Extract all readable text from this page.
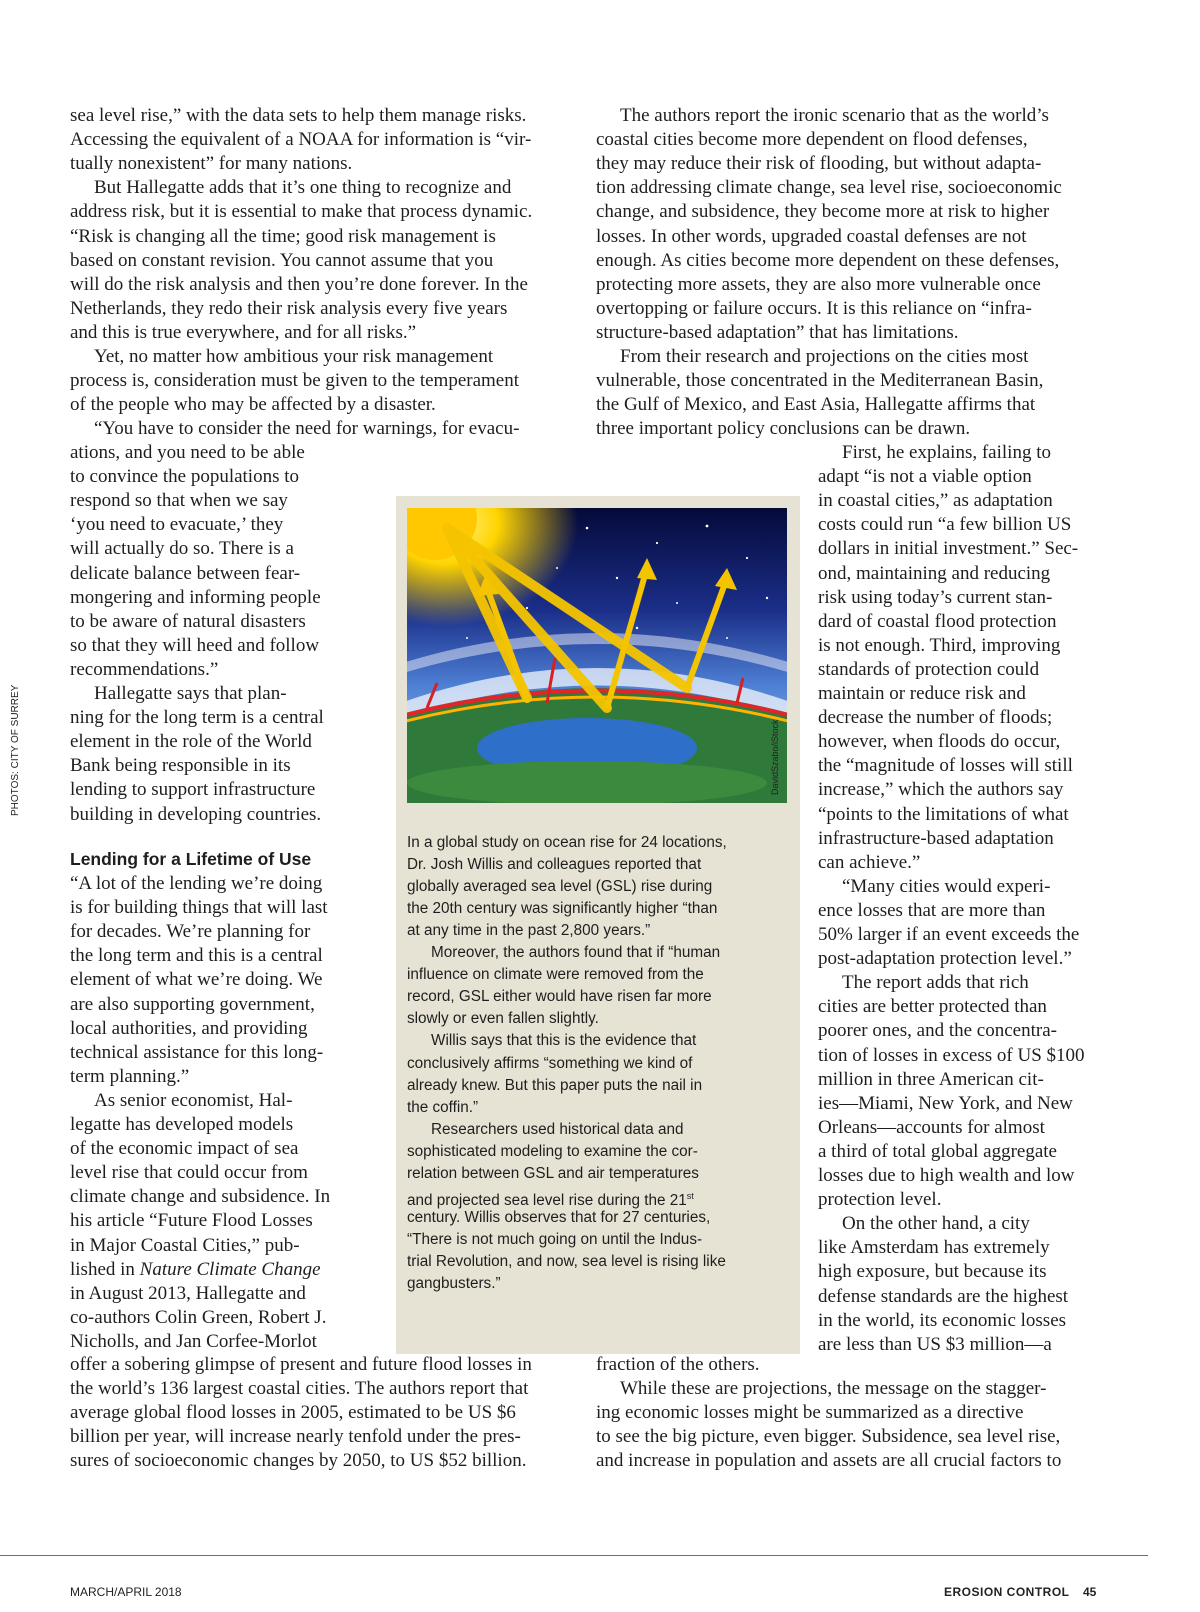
PHOTOS: CITY OF SURREY
sea level rise,” with the data sets to help them manage risks.
Accessing the equivalent of a NOAA for information is “vir-
tually nonexistent” for many nations.
But Hallegatte adds that it’s one thing to recognize and
address risk, but it is essential to make that process dynamic.
“Risk is changing all the time; good risk management is
based on constant revision. You cannot assume that you
will do the risk analysis and then you’re done forever. In the
Netherlands, they redo their risk analysis every five years
and this is true everywhere, and for all risks.”
Yet, no matter how ambitious your risk management
process is, consideration must be given to the temperament
of the people who may be affected by a disaster.
“You have to consider the need for warnings, for evacu-
ations, and you need to be able
to convince the populations to
respond so that when we say
‘you need to evacuate,’ they
will actually do so. There is a
delicate balance between fear-
mongering and informing people
to be aware of natural disasters
so that they will heed and follow
recommendations.”
Hallegatte says that plan-
ning for the long term is a central
element in the role of the World
Bank being responsible in its
lending to support infrastructure
building in developing countries.
“A lot of the lending we’re doing
is for building things that will last
for decades. We’re planning for
the long term and this is a central
element of what we’re doing. We
are also supporting government,
local authorities, and providing
technical assistance for this long-
term planning.”
As senior economist, Hal-
legatte has developed models
of the economic impact of sea
level rise that could occur from
climate change and subsidence. In
his article “Future Flood Losses
in Major Coastal Cities,” pub-
lished in Nature Climate Change
in August 2013, Hallegatte and
co-authors Colin Green, Robert J.
Nicholls, and Jan Corfee-Morlot
offer a sobering glimpse of present and future flood losses in
the world’s 136 largest coastal cities. The authors report that
average global flood losses in 2005, estimated to be US $6
billion per year, will increase nearly tenfold under the pres-
sures of socioeconomic changes by 2050, to US $52 billion.
The authors report the ironic scenario that as the world’s
coastal cities become more dependent on flood defenses,
they may reduce their risk of flooding, but without adapta-
tion addressing climate change, sea level rise, socioeconomic
change, and subsidence, they become more at risk to higher
losses. In other words, upgraded coastal defenses are not
enough. As cities become more dependent on these defenses,
protecting more assets, they are also more vulnerable once
overtopping or failure occurs. It is this reliance on “infra-
structure-based adaptation” that has limitations.
From their research and projections on the cities most
vulnerable, those concentrated in the Mediterranean Basin,
the Gulf of Mexico, and East Asia, Hallegatte affirms that
three important policy conclusions can be drawn.
First, he explains, failing to
adapt “is not a viable option
in coastal cities,” as adaptation
costs could run “a few billion US
dollars in initial investment.” Sec-
ond, maintaining and reducing
risk using today’s current stan-
dard of coastal flood protection
is not enough. Third, improving
standards of protection could
maintain or reduce risk and
decrease the number of floods;
however, when floods do occur,
the “magnitude of losses will still
increase,” which the authors say
“points to the limitations of what
infrastructure-based adaptation
can achieve.”
“Many cities would experi-
ence losses that are more than
50% larger if an event exceeds the
post-adaptation protection level.”
The report adds that rich
cities are better protected than
poorer ones, and the concentra-
tion of losses in excess of US $100
million in three American cit-
ies—Miami, New York, and New
Orleans—accounts for almost
a third of total global aggregate
losses due to high wealth and low
protection level.
On the other hand, a city
like Amsterdam has extremely
high exposure, but because its
defense standards are the highest
in the world, its economic losses
are less than US $3 million—a
fraction of the others.
While these are projections, the message on the stagger-
ing economic losses might be summarized as a directive
to see the big picture, even bigger. Subsidence, sea level rise,
and increase in population and assets are all crucial factors to
Lending for a Lifetime of Use
DavidSzabo/iStock
In a global study on ocean rise for 24 locations,
Dr. Josh Willis and colleagues reported that
globally averaged sea level (GSL) rise during
the 20th century was significantly higher “than
at any time in the past 2,800 years.”
Moreover, the authors found that if “human
influence on climate were removed from the
record, GSL either would have risen far more
slowly or even fallen slightly.
Willis says that this is the evidence that
conclusively affirms “something we kind of
already knew. But this paper puts the nail in
the coffin.”
Researchers used historical data and
sophisticated modeling to examine the cor-
relation between GSL and air temperatures
and projected sea level rise during the 21st
century. Willis observes that for 27 centuries,
“There is not much going on until the Indus-
trial Revolution, and now, sea level is rising like
gangbusters.”
MARCH/APRIL 2018	EROSION CONTROL 45
